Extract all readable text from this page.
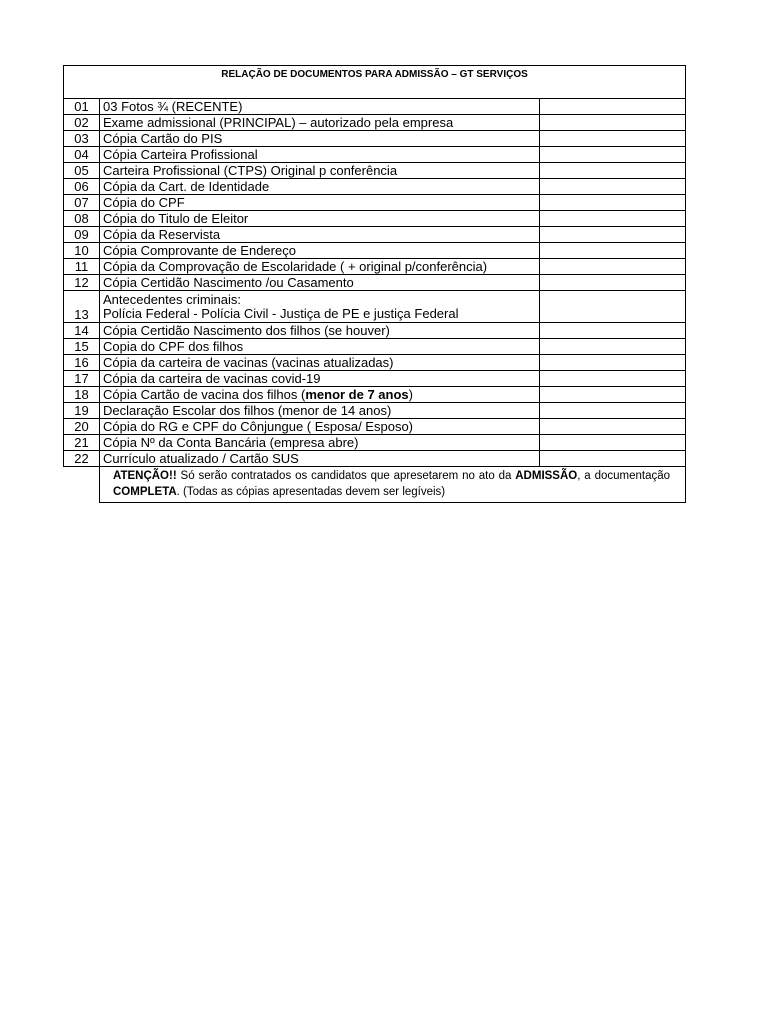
RELAÇÃO DE DOCUMENTOS PARA ADMISSÃO – GT SERVIÇOS		
01	03 Fotos ¾ (RECENTE)	
02	Exame admissional (PRINCIPAL) – autorizado pela empresa	
03	Cópia Cartão do PIS	
04	Cópia Carteira Profissional	
05	Carteira Profissional (CTPS) Original p conferência	
06	Cópia da Cart. de Identidade	
07	Cópia do CPF	
08	Cópia do Titulo de Eleitor	
09	Cópia da Reservista	
10	Cópia Comprovante de Endereço	
11	Cópia da Comprovação de Escolaridade ( + original p/conferência)	
12	Cópia Certidão Nascimento /ou Casamento	
13	Antecedentes criminais:
Polícia Federal - Polícia Civil - Justiça de PE e justiça Federal	

14	Cópia Certidão Nascimento dos filhos (se houver)	
15	Copia do CPF dos filhos	
16	Cópia da carteira de vacinas (vacinas atualizadas)	
17	Cópia da carteira de vacinas covid-19	
18	Cópia Cartão de vacina dos filhos (menor de 7 anos)	
19	Declaração Escolar dos filhos (menor de 14 anos)	
20	Cópia do RG e CPF do Cônjungue ( Esposa/ Esposo)	
21	Cópia Nº da Conta Bancária (empresa abre)	
22	Currículo atualizado / Cartão SUS	
	ATENÇÃO!! Só serão contratados os candidatos que apresetarem no ato da ADMISSÃO, a documentação COMPLETA. (Todas as cópias apresentadas devem ser legíveis)	
